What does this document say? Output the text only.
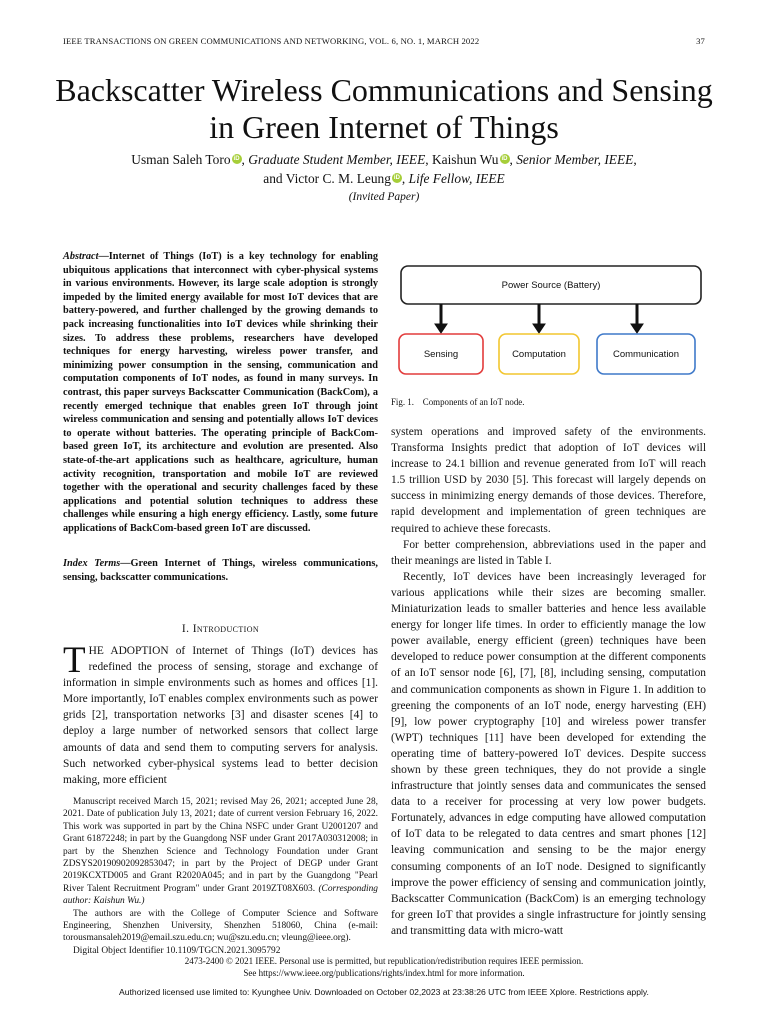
IEEE TRANSACTIONS ON GREEN COMMUNICATIONS AND NETWORKING, VOL. 6, NO. 1, MARCH 2022	37
Backscatter Wireless Communications and Sensing
in Green Internet of Things
Usman Saleh Toro iD , Graduate Student Member, IEEE, Kaishun Wu iD , Senior Member, IEEE,
and Victor C. M. Leung iD , Life Fellow, IEEE
(Invited Paper)
Abstract—Internet of Things (IoT) is a key technology for enabling ubiquitous applications that interconnect with cyber-physical systems in various environments. However, its large scale adoption is strongly impeded by the limited energy available for most IoT devices that are battery-powered, and further challenged by the growing demands to pack increasing functionalities into IoT devices while shrinking their sizes. To address these problems, researchers have developed techniques for energy harvesting, wireless power transfer, and minimizing power consumption in the sensing, communication and computation components of IoT nodes, as found in many surveys. In contrast, this paper surveys Backscatter Communication (BackCom), a recently emerged technique that enables green IoT through joint wireless communication and sensing and potentially allows IoT devices to operate without batteries. The operating principle of BackCom-based green IoT, its architecture and evolution are presented. Also state-of-the-art applications such as healthcare, agriculture, human activity recognition, transportation and mobile IoT are reviewed together with the operational and security challenges faced by these applications and potential solution techniques to address these challenges while ensuring a high energy efficiency. Lastly, some future applications of BackCom-based green IoT are discussed.
Index Terms—Green Internet of Things, wireless communications, sensing, backscatter communications.
I. Introduction

THE ADOPTION of Internet of Things (IoT) devices has redefined the process of sensing, storage and exchange of information in simple environments such as homes and offices [1]. More importantly, IoT enables complex environments such as power grids [2], transportation networks [3] and disaster scenes [4] to deploy a large number of networked sensors that collect large amounts of data and send them to computing servers for analysis. Such networked cyber-physical systems lead to better decision making, more efficient

Manuscript received March 15, 2021; revised May 26, 2021; accepted June 28, 2021. Date of publication July 13, 2021; date of current version February 16, 2022. This work was supported in part by the China NSFC under Grant U2001207 and Grant 61872248; in part by the Guangdong NSF under Grant 2017A030312008; in part by the Shenzhen Science and Technology Foundation under Grant ZDSYS20190902092853047; in part by the Project of DEGP under Grant 2019KCXTD005 and Grant R2020A045; and in part by the Guangdong "Pearl River Talent Recruitment Program" under Grant 2019ZT08X603. (Corresponding author: Kaishun Wu.)

The authors are with the College of Computer Science and Software Engineering, Shenzhen University, Shenzhen 518060, China (e-mail: torousmansaleh2019@email.szu.edu.cn; wu@szu.edu.cn; vleung@ieee.org).

Digital Object Identifier 10.1109/TGCN.2021.3095792

Power Source (Battery)
Sensing	Computation	Communication
Fig. 1.    Components of an IoT node.

system operations and improved safety of the environments. Transforma Insights predict that adoption of IoT devices will increase to 24.1 billion and revenue generated from IoT will reach 1.5 trillion USD by 2030 [5]. This forecast will largely depends on success in minimizing energy demands of those devices. Therefore, rapid development and implementation of green techniques are required to achieve these forecasts.

For better comprehension, abbreviations used in the paper and their meanings are listed in Table I.

Recently, IoT devices have been increasingly leveraged for various applications while their sizes are becoming smaller. Miniaturization leads to smaller batteries and hence less available energy for longer life times. In order to efficiently manage the low power available, energy efficient (green) techniques have been developed to reduce power consumption at the different components of an IoT sensor node [6], [7], [8], including sensing, computation and communication components as shown in Figure 1. In addition to greening the components of an IoT node, energy harvesting (EH) [9], low power cryptography [10] and wireless power transfer (WPT) techniques [11] have been developed for extending the operating time of battery-powered IoT devices. Despite success shown by these green techniques, they do not provide a single infrastructure that jointly senses data and communicates the sensed data to a receiver for processing at very low power budgets. Fortunately, advances in edge computing have allowed computation of IoT data to be relegated to data centres and smart phones [12] leaving communication and sensing to be the major energy consuming components of an IoT node. Designed to significantly improve the power efficiency of sensing and communication jointly, Backscatter Communication (BackCom) is an emerging technology for green IoT that provides a single infrastructure for jointly sensing and transmitting data with micro-watt

2473-2400 © 2021 IEEE. Personal use is permitted, but republication/redistribution requires IEEE permission.
See https://www.ieee.org/publications/rights/index.html for more information.
Authorized licensed use limited to: Kyunghee Univ. Downloaded on October 02,2023 at 23:38:26 UTC from IEEE Xplore. Restrictions apply.
